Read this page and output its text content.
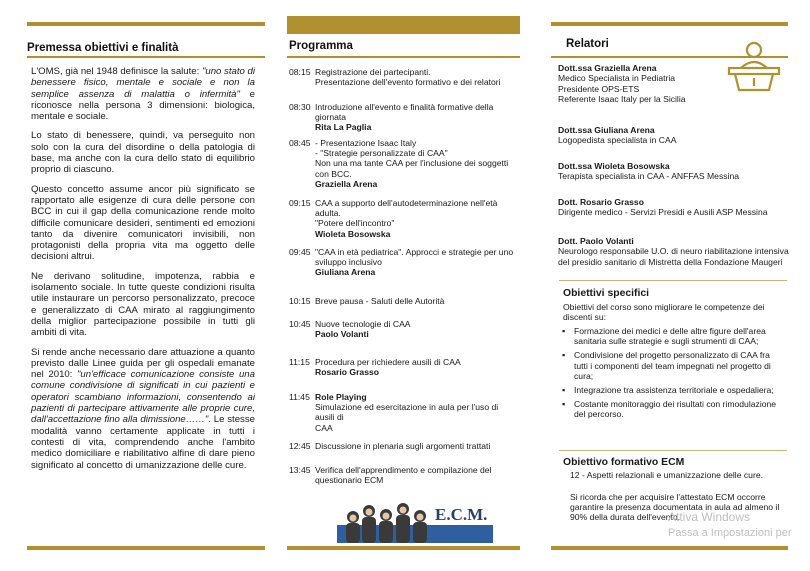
Premessa obiettivi e finalità

L'OMS, già nel 1948 definisce la salute: "uno stato di benessere fisico, mentale e sociale e non la semplice assenza di malattia o infermità" e riconosce nella persona 3 dimensioni: biologica, mentale e sociale.

Lo stato di benessere, quindi, va perseguito non solo con la cura del disordine o della patologia di base, ma anche con la cura dello stato di equilibrio proprio di ciascuno.

Questo concetto assume ancor più significato se rapportato alle esigenze di cura delle persone con BCC in cui il gap della comunicazione rende molto difficile comunicare desideri, sentimenti ed emozioni tanto da divenire comunicatori invisibili, non protagonisti della propria vita ma oggetto delle decisioni altrui.

Ne derivano solitudine, impotenza, rabbia e isolamento sociale. In tutte queste condizioni risulta utile instaurare un percorso personalizzato, precoce e generalizzato di CAA mirato al raggiungimento della miglior partecipazione possibile in tutti gli ambiti di vita.

Si rende anche necessario dare attuazione a quanto previsto dalle Linee guida per gli ospedali emanate nel 2010: "un'efficace comunicazione consiste una comune condivisione di significati in cui pazienti e operatori scambiano informazioni, consentendo ai pazienti di partecipare attivamente alle proprie cure, dall'accettazione fino alla dimissione……". Le stesse modalità vanno certamente applicate in tutti i contesti di vita, comprendendo anche l'ambito medico domiciliare e riabilitativo alfine di dare pieno significato al concetto di umanizzazione delle cure.

Programma
08:15 Registrazione dei partecipanti.
Presentazione dell'evento formativo e dei relatori
08:30 Introduzione all'evento e finalità formative della giornata
Rita La Paglia
08:45 - Presentazione Isaac Italy
- "Strategie personalizzate di CAA"
Non una ma tante CAA per l'inclusione dei soggetti con BCC.
Graziella Arena
09:15 CAA a supporto dell'autodeterminazione nell'età adulta.
"Potere dell'incontro"
Wioleta Bosowska
09:45 "CAA in età pediatrica". Approcci e strategie per uno
sviluppo inclusivo
Giuliana Arena
10:15 Breve pausa - Saluti delle Autorità
10:45 Nuove tecnologie di CAA
Paolo Volanti
11:15 Procedura per richiedere ausili di CAA
Rosario Grasso
11:45 Role Playing
Simulazione ed esercitazione in aula per l'uso di ausili di
CAA
12:45 Discussione in plenaria sugli argomenti trattati
13:45 Verifica dell'apprendimento e compilazione del
questionario ECM
E.C.M.
Relatori
Dott.ssa Graziella Arena
Medico Specialista in Pediatria
Presidente OPS-ETS
Referente Isaac Italy per la Sicilia
Dott.ssa Giuliana Arena
Logopedista specialista in CAA
Dott.ssa Wioleta Bosowska
Terapista specialista in CAA - ANFFAS Messina
Dott. Rosario Grasso
Dirigente medico - Servizi Presidi e Ausili ASP Messina
Dott. Paolo Volanti
Neurologo responsabile U.O. di neuro riabilitazione intensiva
del presidio sanitario di Mistretta della Fondazione Maugeri
Obiettivi specifici
Obiettivi del corso sono migliorare le competenze dei discenti su:
▪ Formazione dei medici e delle altre figure dell'area sanitaria sulle strategie e sugli strumenti di CAA;
▪ Condivisione del progetto personalizzato di CAA fra tutti i componenti del team impegnati nel progetto di cura;
▪ Integrazione tra assistenza territoriale e ospedaliera;
▪ Costante monitoraggio dei risultati con rimodulazione del percorso.
Obiettivo formativo ECM
12 - Aspetti relazionali e umanizzazione delle cure.
Si ricorda che per acquisire l'attestato ECM occorre garantire la presenza documentata in aula ad almeno il 90% della durata dell'evento.
Attiva Windows
Passa a Impostazioni per
